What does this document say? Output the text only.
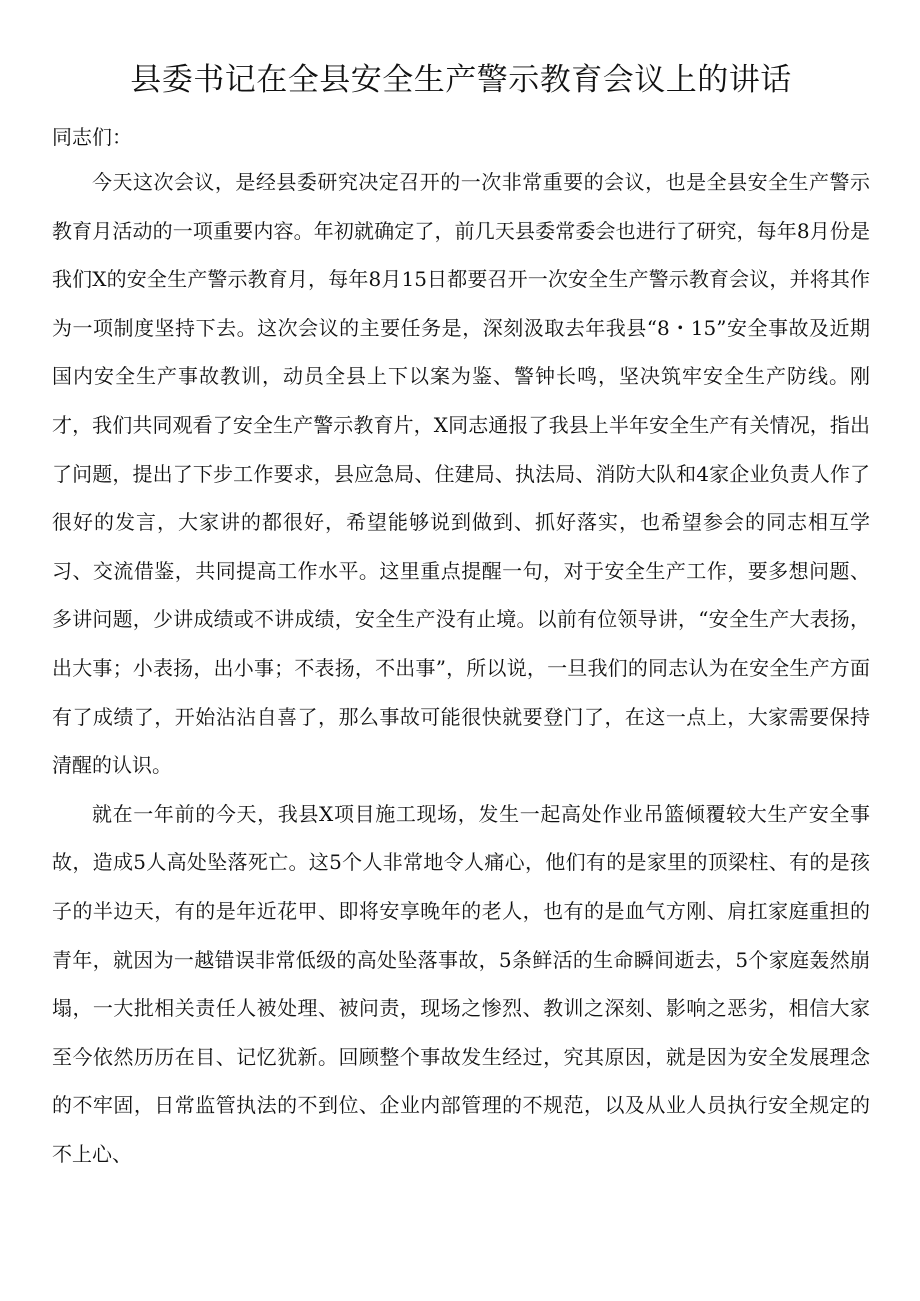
县委书记在全县安全生产警示教育会议上的讲话

同志们：

今天这次会议，是经县委研究决定召开的一次非常重要的会议，也是全县安全生产警示教育月活动的一项重要内容。年初就确定了，前几天县委常委会也进行了研究，每年8月份是我们X的安全生产警示教育月，每年8月15日都要召开一次安全生产警示教育会议，并将其作为一项制度坚持下去。这次会议的主要任务是，深刻汲取去年我县“8・15”安全事故及近期国内安全生产事故教训，动员全县上下以案为鉴、警钟长鸣，坚决筑牢安全生产防线。刚才，我们共同观看了安全生产警示教育片，X同志通报了我县上半年安全生产有关情况，指出了问题，提出了下步工作要求，县应急局、住建局、执法局、消防大队和4家企业负责人作了很好的发言，大家讲的都很好，希望能够说到做到、抓好落实，也希望参会的同志相互学习、交流借鉴，共同提高工作水平。这里重点提醒一句，对于安全生产工作，要多想问题、多讲问题，少讲成绩或不讲成绩，安全生产没有止境。以前有位领导讲，“安全生产大表扬，出大事；小表扬，出小事；不表扬，不出事”，所以说，一旦我们的同志认为在安全生产方面有了成绩了，开始沾沾自喜了，那么事故可能很快就要登门了，在这一点上，大家需要保持清醒的认识。

就在一年前的今天，我县X项目施工现场，发生一起高处作业吊篮倾覆较大生产安全事故，造成5人高处坠落死亡。这5个人非常地令人痛心，他们有的是家里的顶梁柱、有的是孩子的半边天，有的是年近花甲、即将安享晚年的老人，也有的是血气方刚、肩扛家庭重担的青年，就因为一越错误非常低级的高处坠落事故，5条鲜活的生命瞬间逝去，5个家庭轰然崩塌，一大批相关责任人被处理、被问责，现场之惨烈、教训之深刻、影响之恶劣，相信大家至今依然历历在目、记忆犹新。回顾整个事故发生经过，究其原因，就是因为安全发展理念的不牢固，日常监管执法的不到位、企业内部管理的不规范，以及从业人员执行安全规定的不上心、
